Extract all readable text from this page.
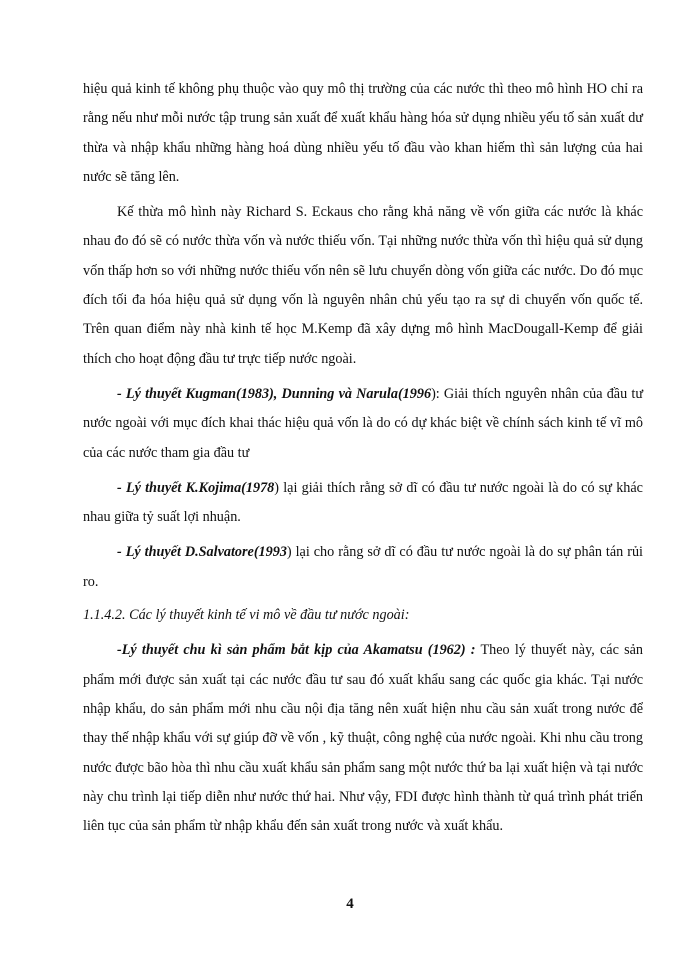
hiệu quả kinh tế không phụ thuộc vào quy mô thị trường của các nước thì theo mô hình HO chỉ ra rằng nếu như mỗi nước tập trung sản xuất để xuất khẩu hàng hóa sử dụng nhiều yếu tố sản xuất dư thừa và nhập khẩu những hàng hoá dùng nhiều yếu tố đầu vào khan hiếm thì sản lượng của hai nước sẽ tăng lên.

Kế thừa mô hình này Richard S. Eckaus cho rằng khả năng về vốn giữa các nước là khác nhau đo đó sẽ có nước thừa vốn và nước thiếu vốn. Tại những nước thừa vốn thì hiệu quả sử dụng vốn thấp hơn so với những nước thiếu vốn nên sẽ lưu chuyển dòng vốn giữa các nước. Do đó mục đích tối đa hóa hiệu quả sử dụng vốn là nguyên nhân chủ yếu tạo ra sự di chuyển vốn quốc tế. Trên quan điểm này nhà kinh tế học M.Kemp đã xây dựng mô hình MacDougall-Kemp để giải thích cho hoạt động đầu tư trực tiếp nước ngoài.

- Lý thuyết Kugman(1983), Dunning và Narula(1996): Giải thích nguyên nhân của đầu tư nước ngoài với mục đích khai thác hiệu quả vốn là do có dự khác biệt về chính sách kinh tế vĩ mô của các nước tham gia đầu tư

- Lý thuyết K.Kojima(1978) lại giải thích rằng sở dĩ có đầu tư nước ngoài là do có sự khác nhau giữa tỷ suất lợi nhuận.

- Lý thuyết D.Salvatore(1993) lại cho rằng sở dĩ có đầu tư nước ngoài là do sự phân tán rủi ro.

1.1.4.2. Các lý thuyết kinh tế vi mô về đầu tư nước ngoài:

-Lý thuyết chu kì sản phẩm bắt kịp của Akamatsu (1962) : Theo lý thuyết này, các sản phẩm mới được sản xuất tại các nước đầu tư sau đó xuất khẩu sang các quốc gia khác. Tại nước nhập khẩu, do sản phẩm mới nhu cầu nội địa tăng nên xuất hiện nhu cầu sản xuất trong nước để thay thế nhập khẩu với sự giúp đỡ về vốn , kỹ thuật, công nghệ của nước ngoài. Khi nhu cầu trong nước được bão hòa thì nhu cầu xuất khẩu sản phẩm sang một nước thứ ba lại xuất hiện và tại nước này chu trình lại tiếp diễn như nước thứ hai. Như vậy, FDI được hình thành từ quá trình phát triển liên tục của sản phẩm từ nhập khẩu đến sản xuất trong nước và xuất khẩu.

4
